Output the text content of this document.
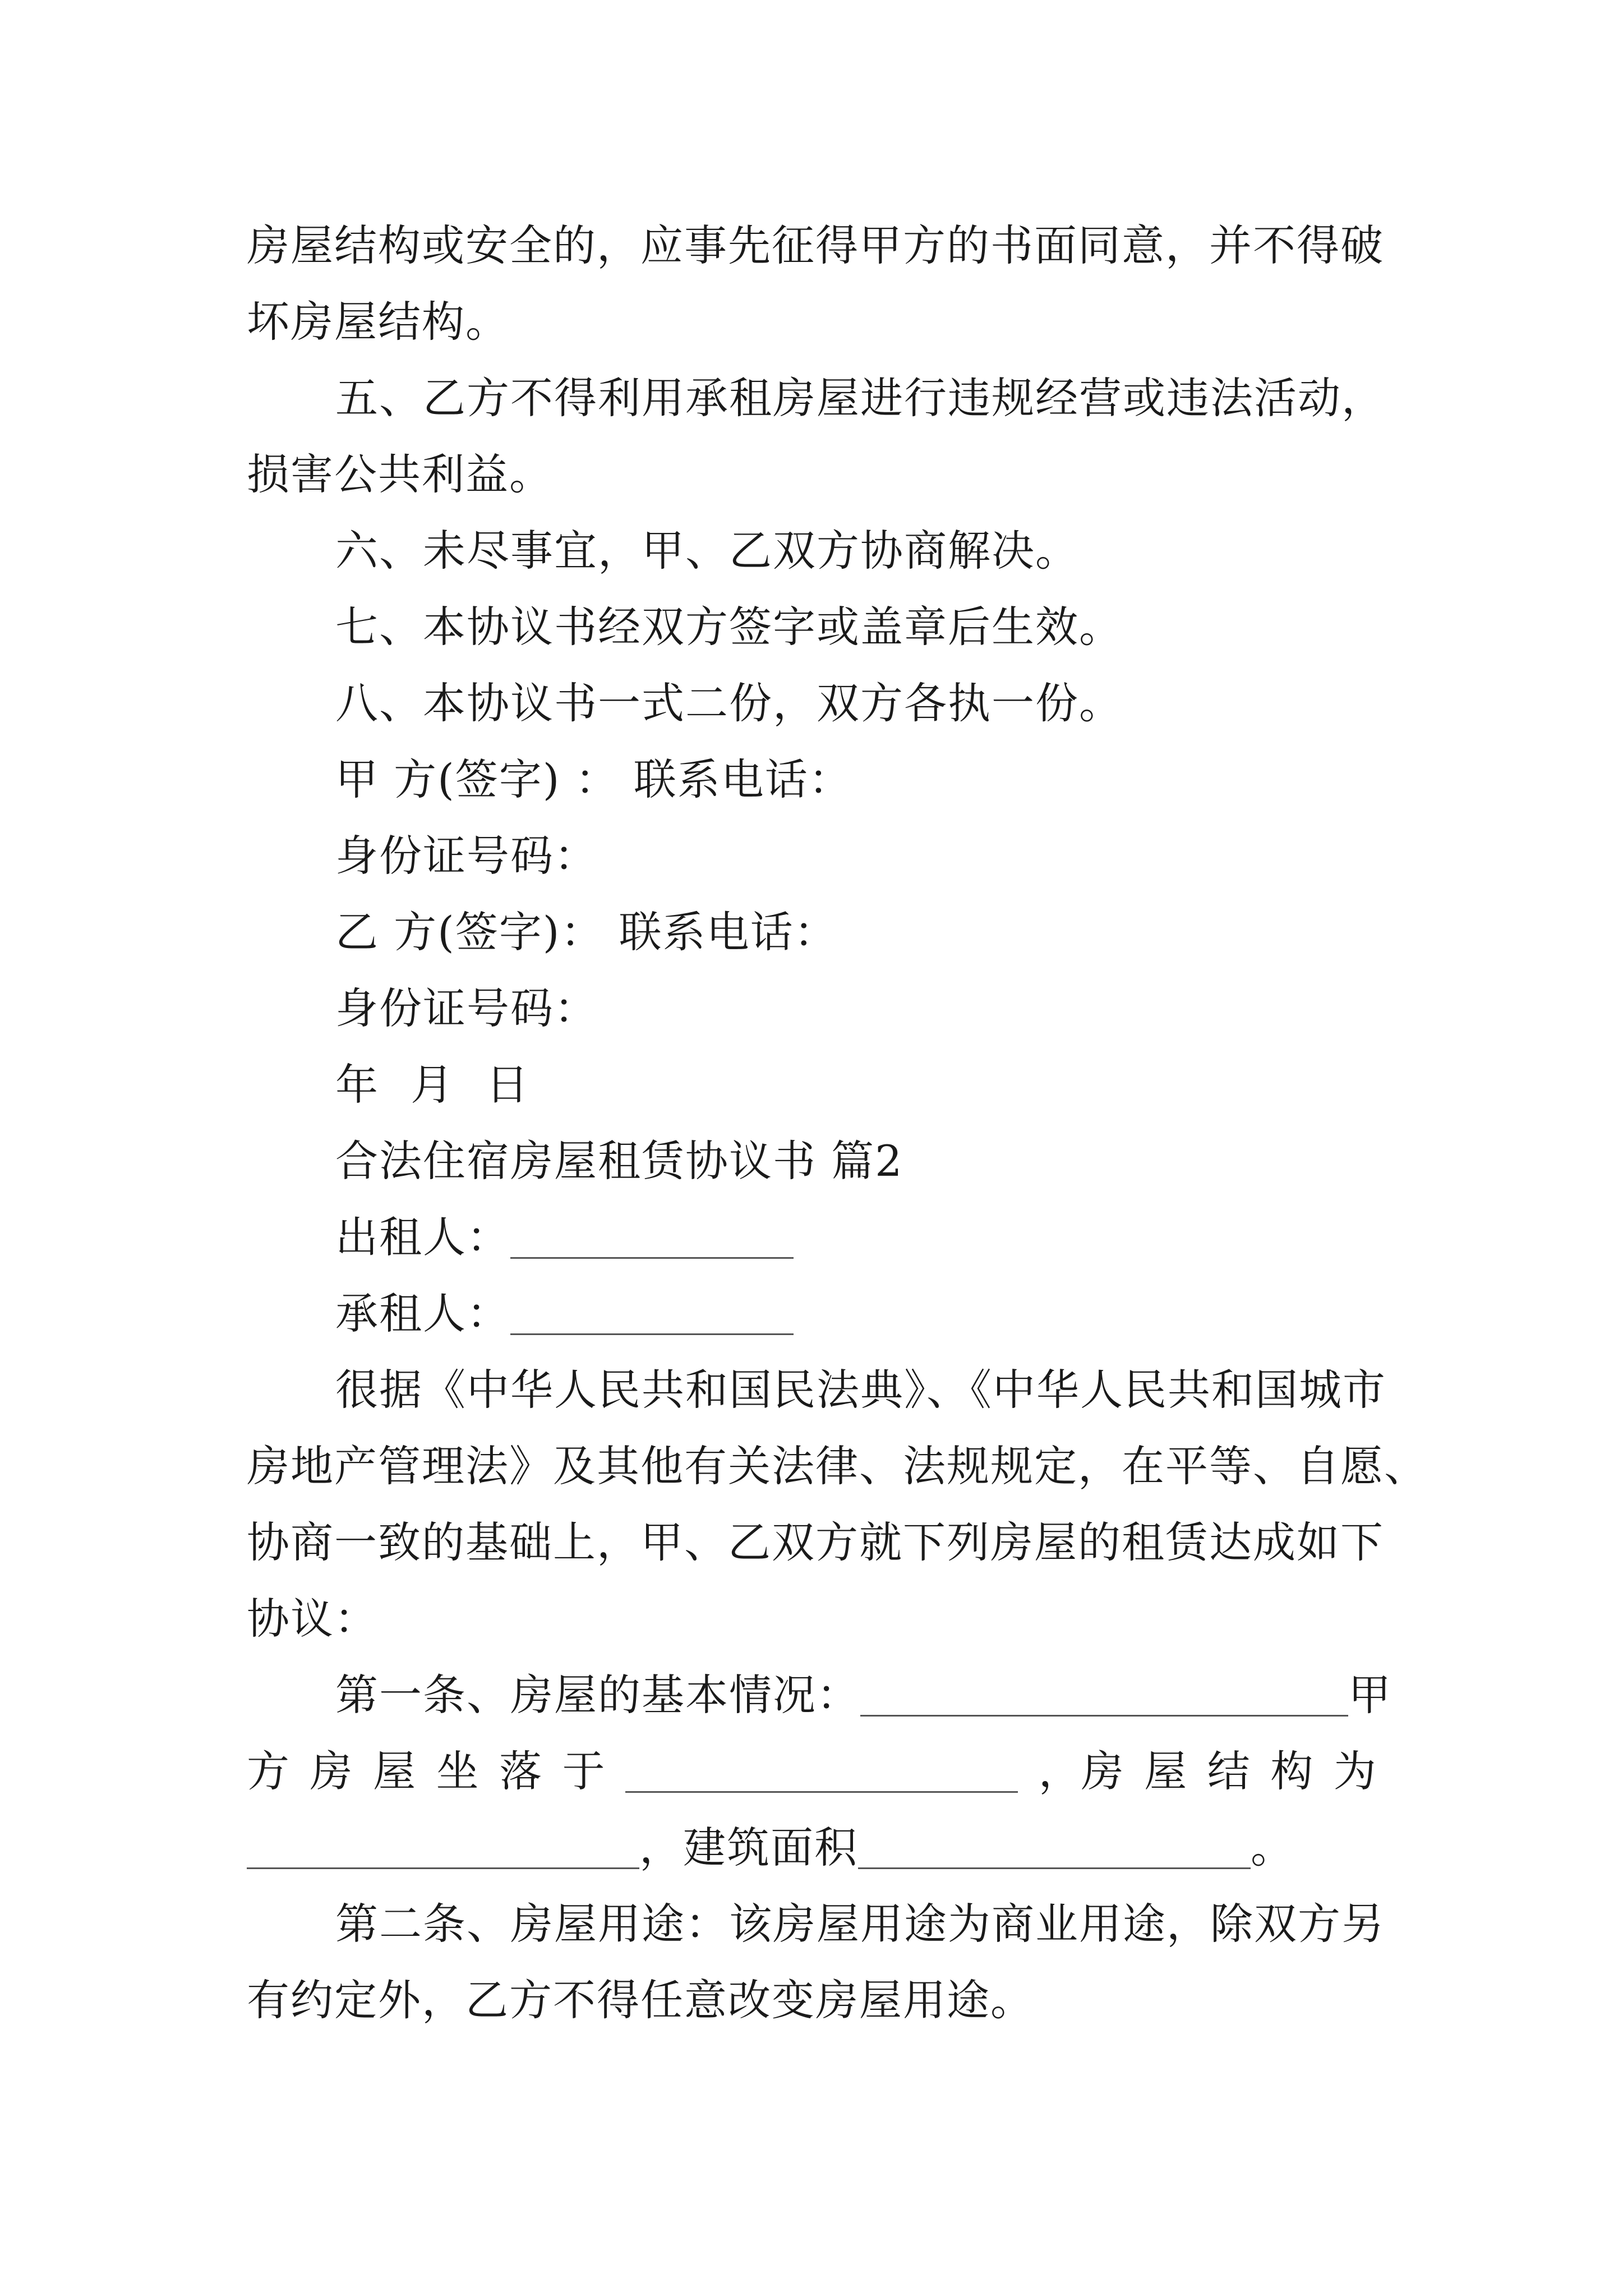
房屋结构或安全的，应事先征得甲方的书面同意，并不得破
坏房屋结构。
五、乙方不得利用承租房屋进行违规经营或违法活动，
损害公共利益。
六、未尽事宜，甲、乙双方协商解决。
七、本协议书经双方签字或盖章后生效。
八、本协议书一式二份，双方各执一份。
甲 方(签字) ： 联系电话：
身份证号码：
乙 方(签字)： 联系电话：
身份证号码：
年 月 日
合法住宿房屋租赁协议书 篇2
出租人：
承租人：
很据《中华人民共和国民法典》、《中华人民共和国城市
房地产管理法》及其他有关法律、法规规定，在平等、自愿、
协商一致的基础上，甲、乙双方就下列房屋的租赁达成如下
协议：
第一条、房屋的基本情况：	甲
方 房 屋 坐 落 于	，房 屋 结 构 为
，建筑面积	。
第二条、房屋用途：该房屋用途为商业用途，除双方另
有约定外，乙方不得任意改变房屋用途。
